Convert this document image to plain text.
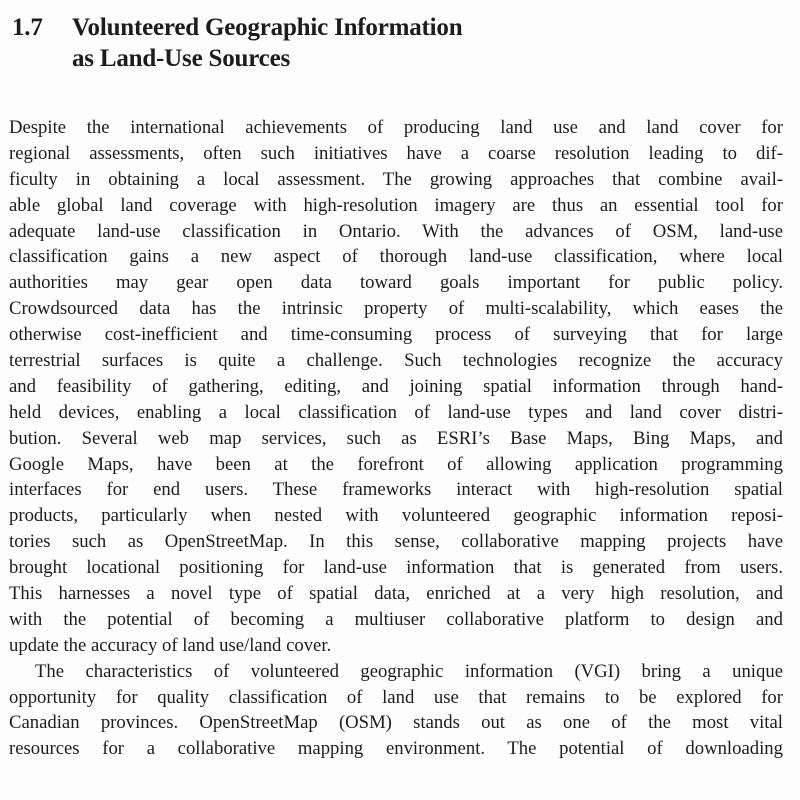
1.7	Volunteered Geographic Information
as Land-Use Sources
Despite the international achievements of producing land use and land cover for
regional assessments, often such initiatives have a coarse resolution leading to dif-
ficulty in obtaining a local assessment. The growing approaches that combine avail-
able global land coverage with high-resolution imagery are thus an essential tool for
adequate land-use classification in Ontario. With the advances of OSM, land-use
classification gains a new aspect of thorough land-use classification, where local
authorities may gear open data toward goals important for public policy.
Crowdsourced data has the intrinsic property of multi-scalability, which eases the
otherwise cost-inefficient and time-consuming process of surveying that for large
terrestrial surfaces is quite a challenge. Such technologies recognize the accuracy
and feasibility of gathering, editing, and joining spatial information through hand-
held devices, enabling a local classification of land-use types and land cover distri-
bution. Several web map services, such as ESRI’s Base Maps, Bing Maps, and
Google Maps, have been at the forefront of allowing application programming
interfaces for end users. These frameworks interact with high-resolution spatial
products, particularly when nested with volunteered geographic information reposi-
tories such as OpenStreetMap. In this sense, collaborative mapping projects have
brought locational positioning for land-use information that is generated from users.
This harnesses a novel type of spatial data, enriched at a very high resolution, and
with the potential of becoming a multiuser collaborative platform to design and
update the accuracy of land use/land cover.
The characteristics of volunteered geographic information (VGI) bring a unique
opportunity for quality classification of land use that remains to be explored for
Canadian provinces. OpenStreetMap (OSM) stands out as one of the most vital
resources for a collaborative mapping environment. The potential of downloading
